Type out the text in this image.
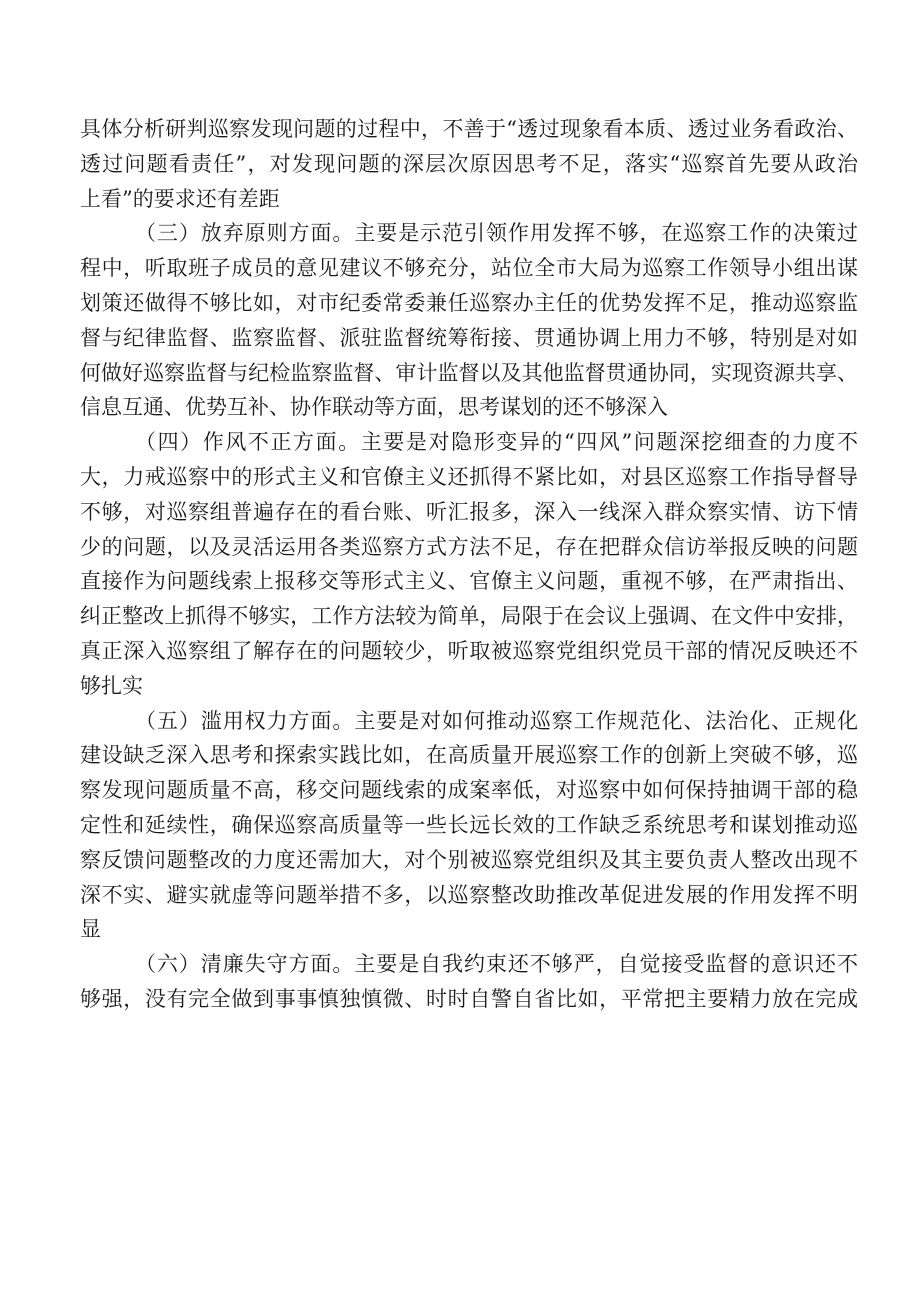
具体分析研判巡察发现问题的过程中，不善于“透过现象看本质、透过业务看政治、
透过问题看责任”，对发现问题的深层次原因思考不足，落实“巡察首先要从政治
上看”的要求还有差距
（三）放弃原则方面。主要是示范引领作用发挥不够，在巡察工作的决策过
程中，听取班子成员的意见建议不够充分，站位全市大局为巡察工作领导小组出谋
划策还做得不够比如，对市纪委常委兼任巡察办主任的优势发挥不足，推动巡察监
督与纪律监督、监察监督、派驻监督统筹衔接、贯通协调上用力不够，特别是对如
何做好巡察监督与纪检监察监督、审计监督以及其他监督贯通协同，实现资源共享、
信息互通、优势互补、协作联动等方面，思考谋划的还不够深入
（四）作风不正方面。主要是对隐形变异的“四风”问题深挖细查的力度不
大，力戒巡察中的形式主义和官僚主义还抓得不紧比如，对县区巡察工作指导督导
不够，对巡察组普遍存在的看台账、听汇报多，深入一线深入群众察实情、访下情
少的问题，以及灵活运用各类巡察方式方法不足，存在把群众信访举报反映的问题
直接作为问题线索上报移交等形式主义、官僚主义问题，重视不够，在严肃指出、
纠正整改上抓得不够实，工作方法较为简单，局限于在会议上强调、在文件中安排，
真正深入巡察组了解存在的问题较少，听取被巡察党组织党员干部的情况反映还不
够扎实
（五）滥用权力方面。主要是对如何推动巡察工作规范化、法治化、正规化
建设缺乏深入思考和探索实践比如，在高质量开展巡察工作的创新上突破不够，巡
察发现问题质量不高，移交问题线索的成案率低，对巡察中如何保持抽调干部的稳
定性和延续性，确保巡察高质量等一些长远长效的工作缺乏系统思考和谋划推动巡
察反馈问题整改的力度还需加大，对个别被巡察党组织及其主要负责人整改出现不
深不实、避实就虚等问题举措不多，以巡察整改助推改革促进发展的作用发挥不明
显
（六）清廉失守方面。主要是自我约束还不够严，自觉接受监督的意识还不
够强，没有完全做到事事慎独慎微、时时自警自省比如，平常把主要精力放在完成
